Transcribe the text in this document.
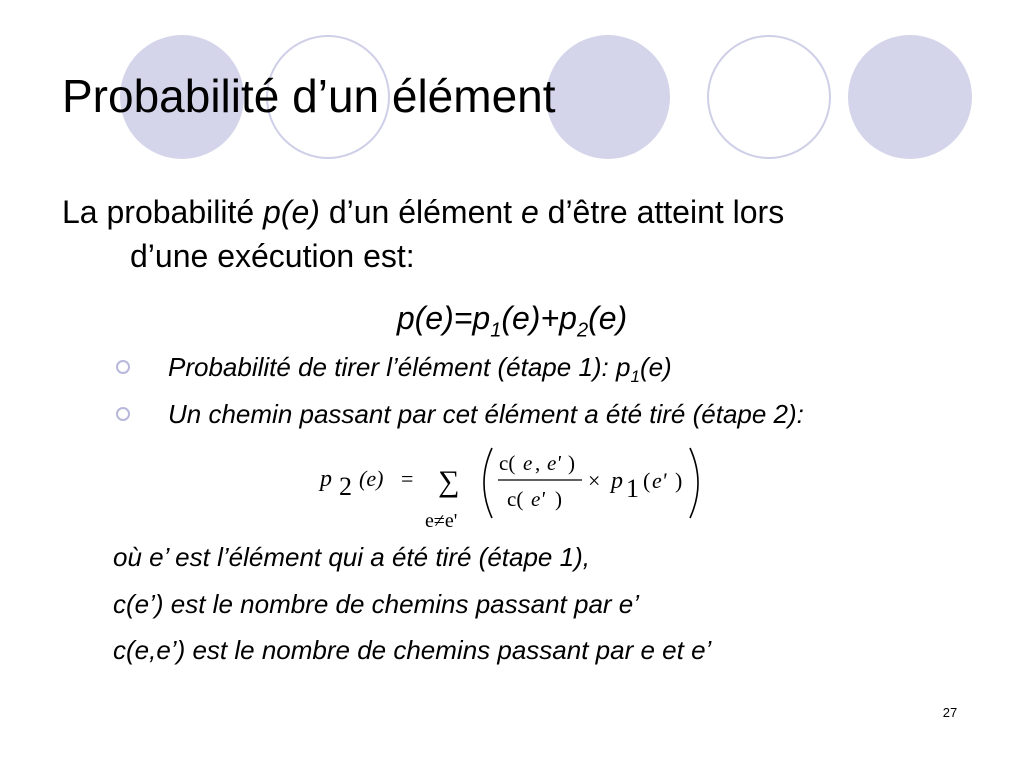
Probabilité d’un élément
La probabilité p(e) d’un élément e d’être atteint lors
d’une exécution est:
$p(e)=p_1(e)+p_2(e)$
Probabilité de tirer l’élément (étape 1): $p_1(e)$
Un chemin passant par cet élément a été tiré (étape 2):
p 2 (e) = ∑
e≠e'
c( e , e' )
c( e' )
× p 1 ( e' )
où e’ est l’élément qui a été tiré (étape 1),
c(e’) est le nombre de chemins passant par e’
c(e,e’) est le nombre de chemins passant par e et e’
27
